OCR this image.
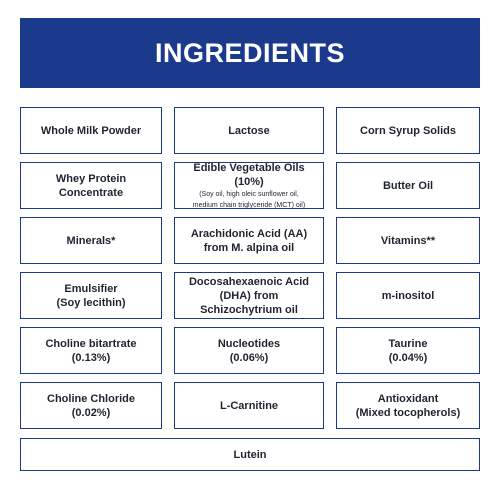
INGREDIENTS
Whole Milk Powder	Lactose	Corn Syrup Solids
Whey Protein
Concentrate
Edible Vegetable Oils (10%)
(Soy oil, high oleic sunflower oil,
medium chain triglyceride (MCT) oil)
Butter Oil
Minerals*
Arachidonic Acid (AA)
from M. alpina oil
Vitamins**
Emulsifier
(Soy lecithin)
Docosahexaenoic Acid
(DHA) from
Schizochytrium oil
m-inositol
Choline bitartrate
(0.13%)
Nucleotides
(0.06%)
Taurine
(0.04%)
Choline Chloride
(0.02%)
L-Carnitine
Antioxidant
(Mixed tocopherols)
Lutein
